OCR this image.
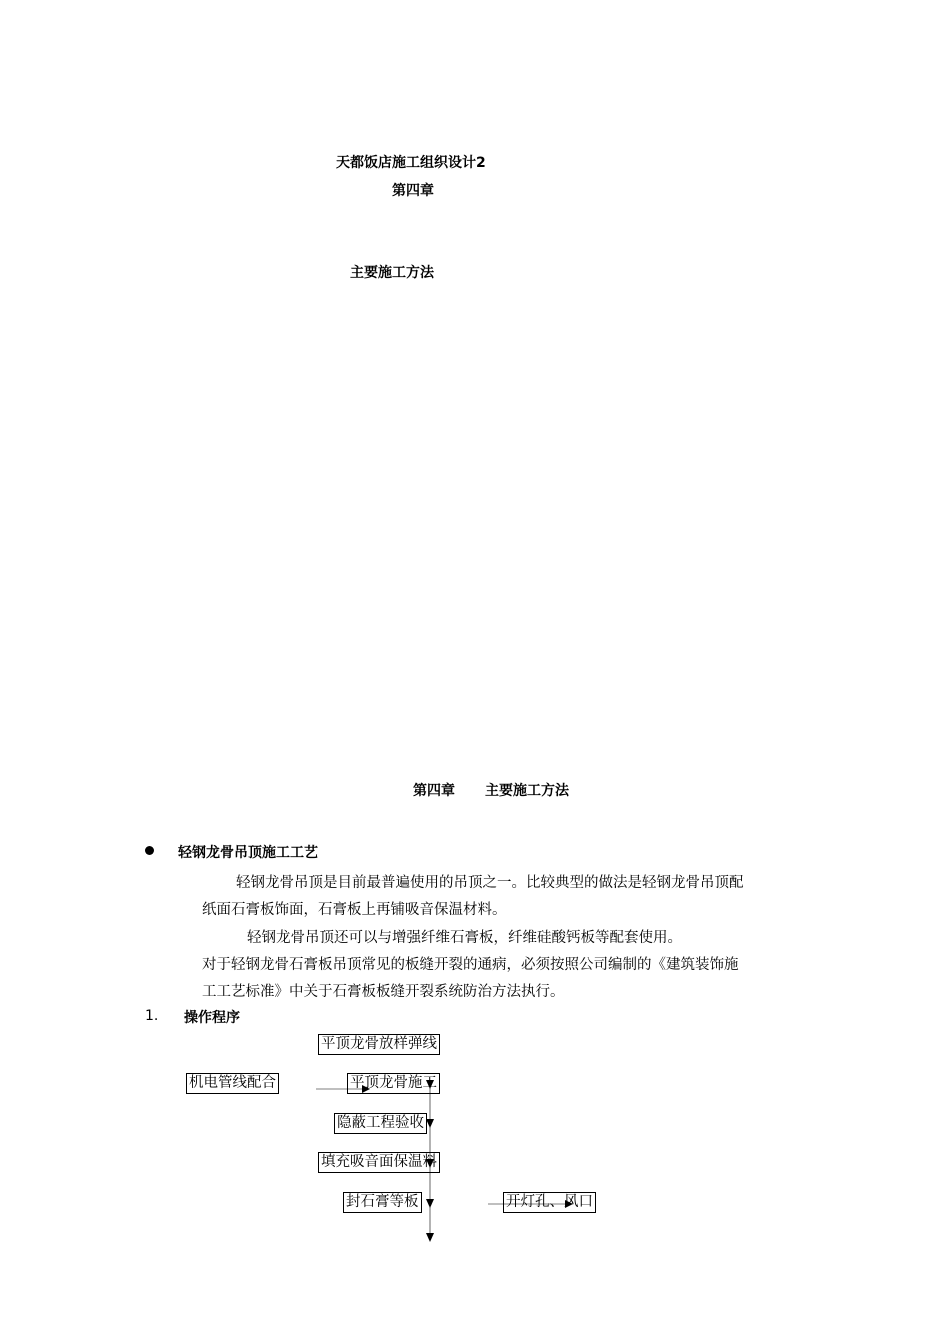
天都饭店施工组织设计2
第四章
主要施工方法
第四章 主要施工方法
轻钢龙骨吊顶施工工艺
轻钢龙骨吊顶是目前最普遍使用的吊顶之一。比较典型的做法是轻钢龙骨吊顶配
纸面石膏板饰面，石膏板上再铺吸音保温材料。
轻钢龙骨吊顶还可以与增强纤维石膏板，纤维硅酸钙板等配套使用。
对于轻钢龙骨石膏板吊顶常见的板缝开裂的通病，必须按照公司编制的《建筑装饰施
工工艺标准》中关于石膏板板缝开裂系统防治方法执行。
1. 操作程序
平顶龙骨放样弹线
机电管线配合	平顶龙骨施工
隐蔽工程验收
填充吸音面保温料
封石膏等板	开灯孔、风口
